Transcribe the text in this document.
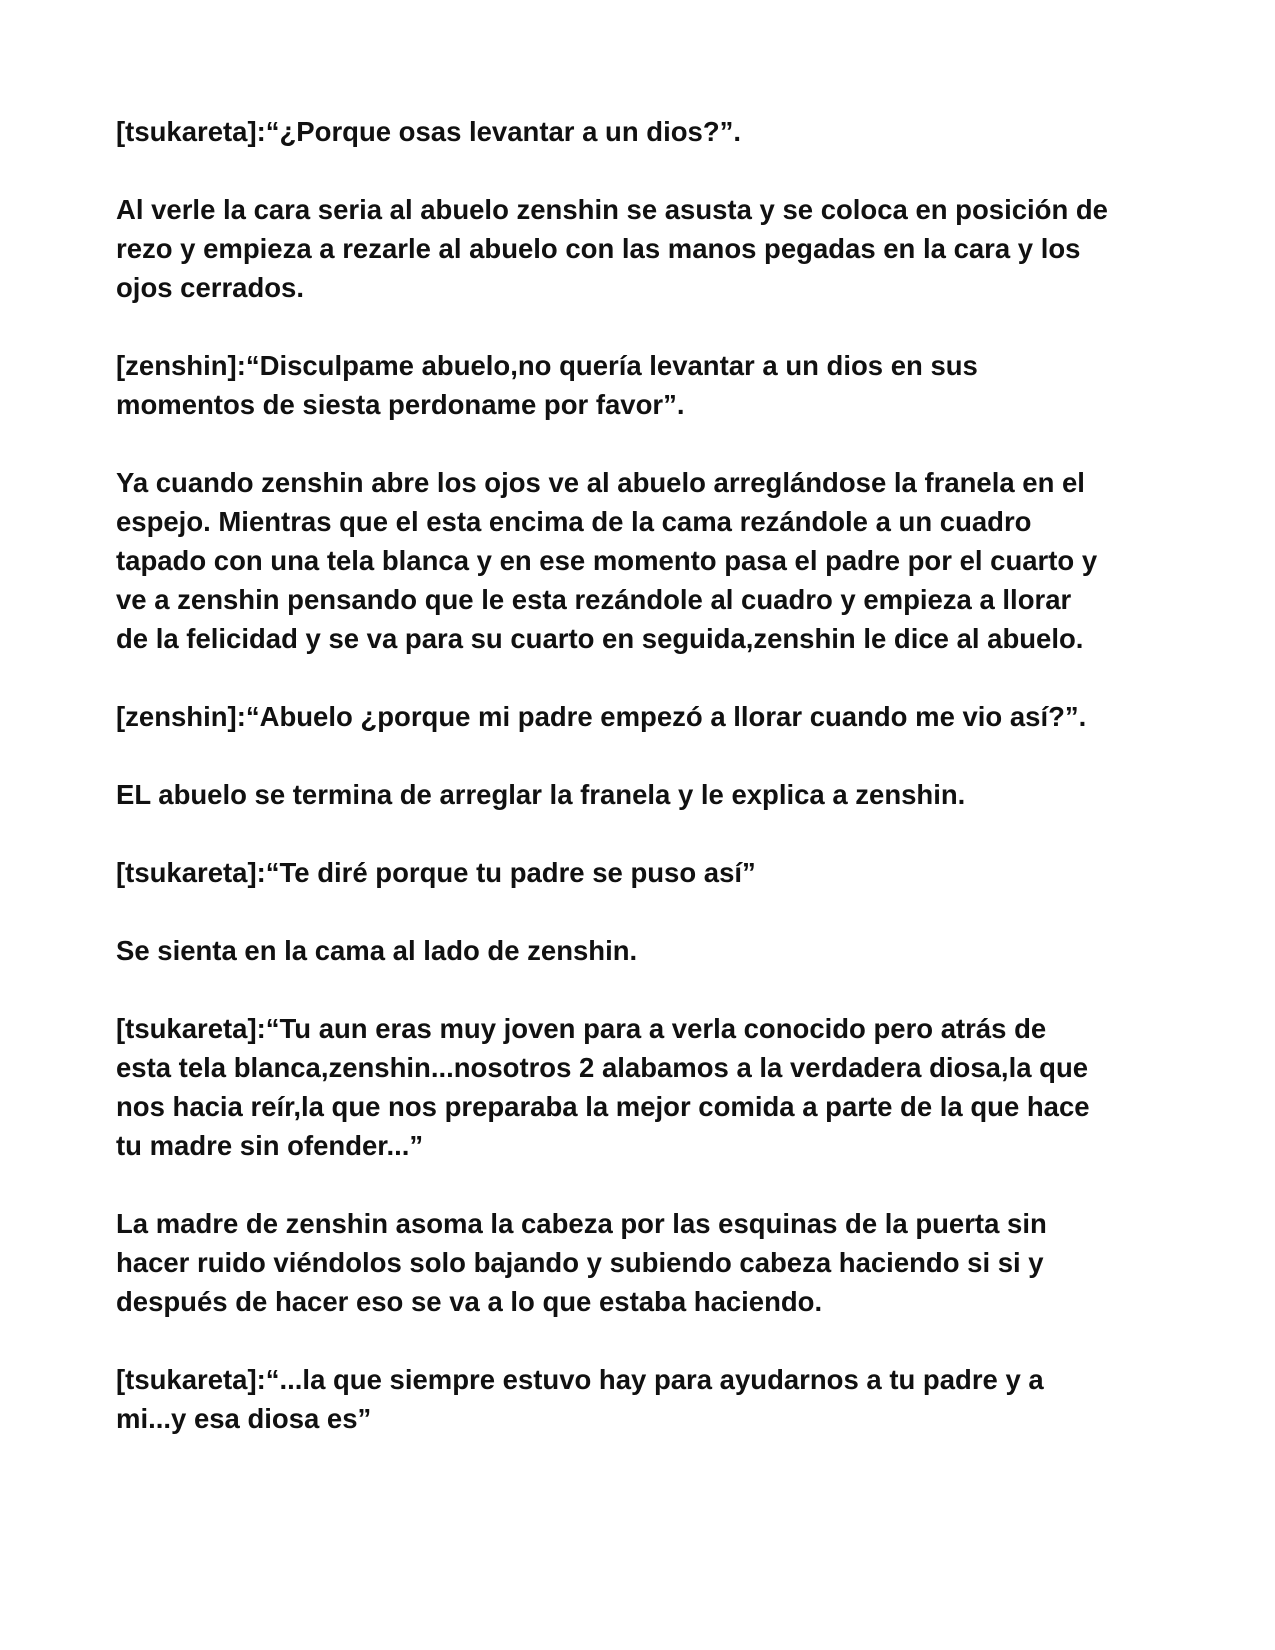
[tsukareta]:“¿Porque osas levantar a un dios?”.

Al verle la cara seria al abuelo zenshin se asusta y se coloca en posición de
rezo y empieza a rezarle al abuelo con las manos pegadas en la cara y los
ojos cerrados.

[zenshin]:“Disculpame abuelo,no quería levantar a un dios en sus
momentos de siesta perdoname por favor”.

Ya cuando zenshin abre los ojos ve al abuelo arreglándose la franela en el
espejo. Mientras que el esta encima de la cama rezándole a un cuadro
tapado con una tela blanca y en ese momento pasa el padre por el cuarto y
ve a zenshin pensando que le esta rezándole al cuadro y empieza a llorar
de la felicidad y se va para su cuarto en seguida,zenshin le dice al abuelo.

[zenshin]:“Abuelo ¿porque mi padre empezó a llorar cuando me vio así?”.

EL abuelo se termina de arreglar la franela y le explica a zenshin.

[tsukareta]:“Te diré porque tu padre se puso así”

Se sienta en la cama al lado de zenshin.

[tsukareta]:“Tu aun eras muy joven para a verla conocido pero atrás de
esta tela blanca,zenshin...nosotros 2 alabamos a la verdadera diosa,la que
nos hacia reír,la que nos preparaba la mejor comida a parte de la que hace
tu madre sin ofender...”

La madre de zenshin asoma la cabeza por las esquinas de la puerta sin
hacer ruido viéndolos solo bajando y subiendo cabeza haciendo si si y
después de hacer eso se va a lo que estaba haciendo.

[tsukareta]:“...la que siempre estuvo hay para ayudarnos a tu padre y a
mi...y esa diosa es”
